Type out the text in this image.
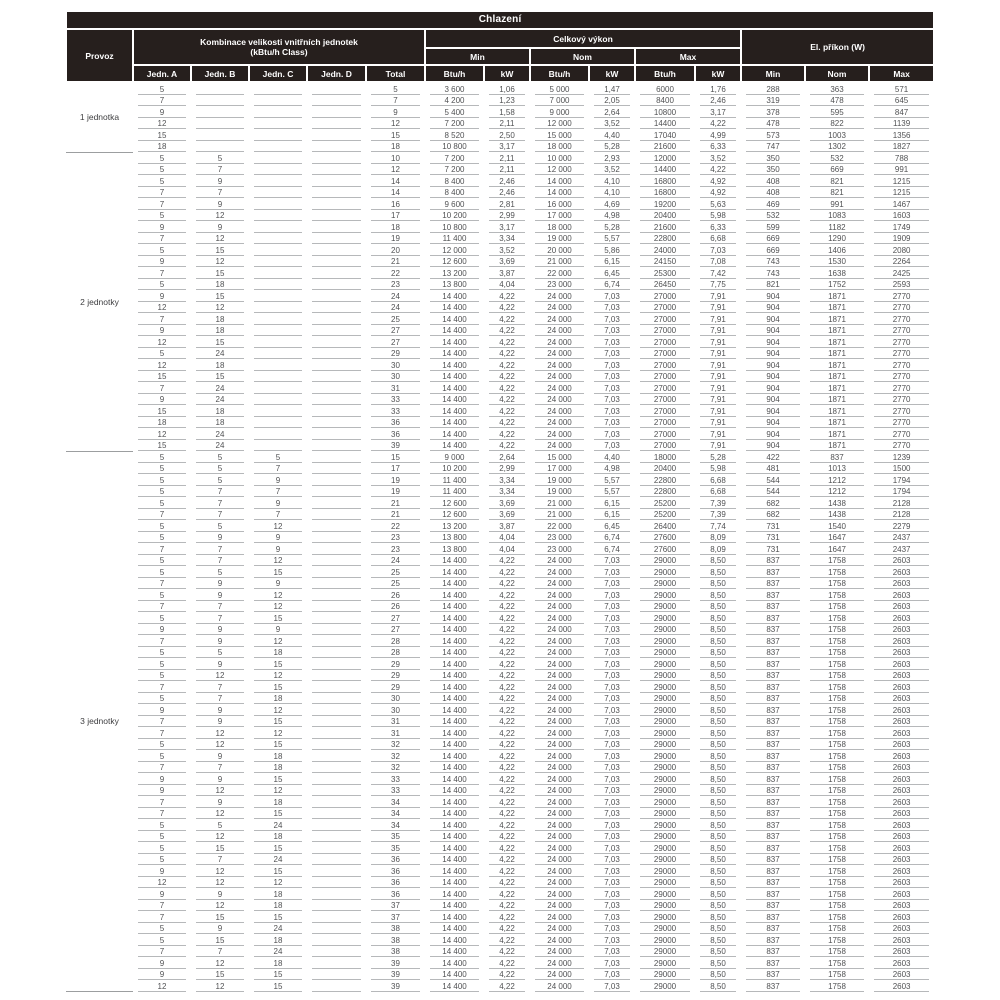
Chlazení														
Provoz	Kombinace velikosti vnitřních jednotek
(kBtu/h Class)					Celkový výkon						El. příkon (W)		
						Min		Nom		Max				
	Jedn. A	Jedn. B	Jedn. C	Jedn. D	Total	Btu/h	kW	Btu/h	kW	Btu/h	kW	Min	Nom	Max
1 jednotka	5				5	3 600	1,06	5 000	1,47	6000	1,76	288	363	571

7				7	4 200	1,23	7 000	2,05	8400	2,46	319	478	645

9				9	5 400	1,58	9 000	2,64	10800	3,17	378	595	847

12				12	7 200	2,11	12 000	3,52	14400	4,22	478	822	1139

15				15	8 520	2,50	15 000	4,40	17040	4,99	573	1003	1356

18				18	10 800	3,17	18 000	5,28	21600	6,33	747	1302	1827

2 jednotky	5	5			10	7 200	2,11	10 000	2,93	12000	3,52	350	532	788

5	7			12	7 200	2,11	12 000	3,52	14400	4,22	350	669	991

5	9			14	8 400	2,46	14 000	4,10	16800	4,92	408	821	1215

7	7			14	8 400	2,46	14 000	4,10	16800	4,92	408	821	1215

7	9			16	9 600	2,81	16 000	4,69	19200	5,63	469	991	1467

5	12			17	10 200	2,99	17 000	4,98	20400	5,98	532	1083	1603

9	9			18	10 800	3,17	18 000	5,28	21600	6,33	599	1182	1749

7	12			19	11 400	3,34	19 000	5,57	22800	6,68	669	1290	1909

5	15			20	12 000	3,52	20 000	5,86	24000	7,03	669	1406	2080

9	12			21	12 600	3,69	21 000	6,15	24150	7,08	743	1530	2264

7	15			22	13 200	3,87	22 000	6,45	25300	7,42	743	1638	2425

5	18			23	13 800	4,04	23 000	6,74	26450	7,75	821	1752	2593

9	15			24	14 400	4,22	24 000	7,03	27000	7,91	904	1871	2770

12	12			24	14 400	4,22	24 000	7,03	27000	7,91	904	1871	2770

7	18			25	14 400	4,22	24 000	7,03	27000	7,91	904	1871	2770

9	18			27	14 400	4,22	24 000	7,03	27000	7,91	904	1871	2770

12	15			27	14 400	4,22	24 000	7,03	27000	7,91	904	1871	2770

5	24			29	14 400	4,22	24 000	7,03	27000	7,91	904	1871	2770

12	18			30	14 400	4,22	24 000	7,03	27000	7,91	904	1871	2770

15	15			30	14 400	4,22	24 000	7,03	27000	7,91	904	1871	2770

7	24			31	14 400	4,22	24 000	7,03	27000	7,91	904	1871	2770

9	24			33	14 400	4,22	24 000	7,03	27000	7,91	904	1871	2770

15	18			33	14 400	4,22	24 000	7,03	27000	7,91	904	1871	2770

18	18			36	14 400	4,22	24 000	7,03	27000	7,91	904	1871	2770

12	24			36	14 400	4,22	24 000	7,03	27000	7,91	904	1871	2770

15	24			39	14 400	4,22	24 000	7,03	27000	7,91	904	1871	2770

3 jednotky	5	5	5		15	9 000	2,64	15 000	4,40	18000	5,28	422	837	1239

5	5	7		17	10 200	2,99	17 000	4,98	20400	5,98	481	1013	1500

5	5	9		19	11 400	3,34	19 000	5,57	22800	6,68	544	1212	1794

5	7	7		19	11 400	3,34	19 000	5,57	22800	6,68	544	1212	1794

5	7	9		21	12 600	3,69	21 000	6,15	25200	7,39	682	1438	2128

7	7	7		21	12 600	3,69	21 000	6,15	25200	7,39	682	1438	2128

5	5	12		22	13 200	3,87	22 000	6,45	26400	7,74	731	1540	2279

5	9	9		23	13 800	4,04	23 000	6,74	27600	8,09	731	1647	2437

7	7	9		23	13 800	4,04	23 000	6,74	27600	8,09	731	1647	2437

5	7	12		24	14 400	4,22	24 000	7,03	29000	8,50	837	1758	2603

5	5	15		25	14 400	4,22	24 000	7,03	29000	8,50	837	1758	2603

7	9	9		25	14 400	4,22	24 000	7,03	29000	8,50	837	1758	2603

5	9	12		26	14 400	4,22	24 000	7,03	29000	8,50	837	1758	2603

7	7	12		26	14 400	4,22	24 000	7,03	29000	8,50	837	1758	2603

5	7	15		27	14 400	4,22	24 000	7,03	29000	8,50	837	1758	2603

9	9	9		27	14 400	4,22	24 000	7,03	29000	8,50	837	1758	2603

7	9	12		28	14 400	4,22	24 000	7,03	29000	8,50	837	1758	2603

5	5	18		28	14 400	4,22	24 000	7,03	29000	8,50	837	1758	2603

5	9	15		29	14 400	4,22	24 000	7,03	29000	8,50	837	1758	2603

5	12	12		29	14 400	4,22	24 000	7,03	29000	8,50	837	1758	2603

7	7	15		29	14 400	4,22	24 000	7,03	29000	8,50	837	1758	2603

5	7	18		30	14 400	4,22	24 000	7,03	29000	8,50	837	1758	2603

9	9	12		30	14 400	4,22	24 000	7,03	29000	8,50	837	1758	2603

7	9	15		31	14 400	4,22	24 000	7,03	29000	8,50	837	1758	2603

7	12	12		31	14 400	4,22	24 000	7,03	29000	8,50	837	1758	2603

5	12	15		32	14 400	4,22	24 000	7,03	29000	8,50	837	1758	2603

5	9	18		32	14 400	4,22	24 000	7,03	29000	8,50	837	1758	2603

7	7	18		32	14 400	4,22	24 000	7,03	29000	8,50	837	1758	2603

9	9	15		33	14 400	4,22	24 000	7,03	29000	8,50	837	1758	2603

9	12	12		33	14 400	4,22	24 000	7,03	29000	8,50	837	1758	2603

7	9	18		34	14 400	4,22	24 000	7,03	29000	8,50	837	1758	2603

7	12	15		34	14 400	4,22	24 000	7,03	29000	8,50	837	1758	2603

5	5	24		34	14 400	4,22	24 000	7,03	29000	8,50	837	1758	2603

5	12	18		35	14 400	4,22	24 000	7,03	29000	8,50	837	1758	2603

5	15	15		35	14 400	4,22	24 000	7,03	29000	8,50	837	1758	2603

5	7	24		36	14 400	4,22	24 000	7,03	29000	8,50	837	1758	2603

9	12	15		36	14 400	4,22	24 000	7,03	29000	8,50	837	1758	2603

12	12	12		36	14 400	4,22	24 000	7,03	29000	8,50	837	1758	2603

9	9	18		36	14 400	4,22	24 000	7,03	29000	8,50	837	1758	2603

7	12	18		37	14 400	4,22	24 000	7,03	29000	8,50	837	1758	2603

7	15	15		37	14 400	4,22	24 000	7,03	29000	8,50	837	1758	2603

5	9	24		38	14 400	4,22	24 000	7,03	29000	8,50	837	1758	2603

5	15	18		38	14 400	4,22	24 000	7,03	29000	8,50	837	1758	2603

7	7	24		38	14 400	4,22	24 000	7,03	29000	8,50	837	1758	2603

9	12	18		39	14 400	4,22	24 000	7,03	29000	8,50	837	1758	2603

9	15	15		39	14 400	4,22	24 000	7,03	29000	8,50	837	1758	2603

12	12	15		39	14 400	4,22	24 000	7,03	29000	8,50	837	1758	2603
